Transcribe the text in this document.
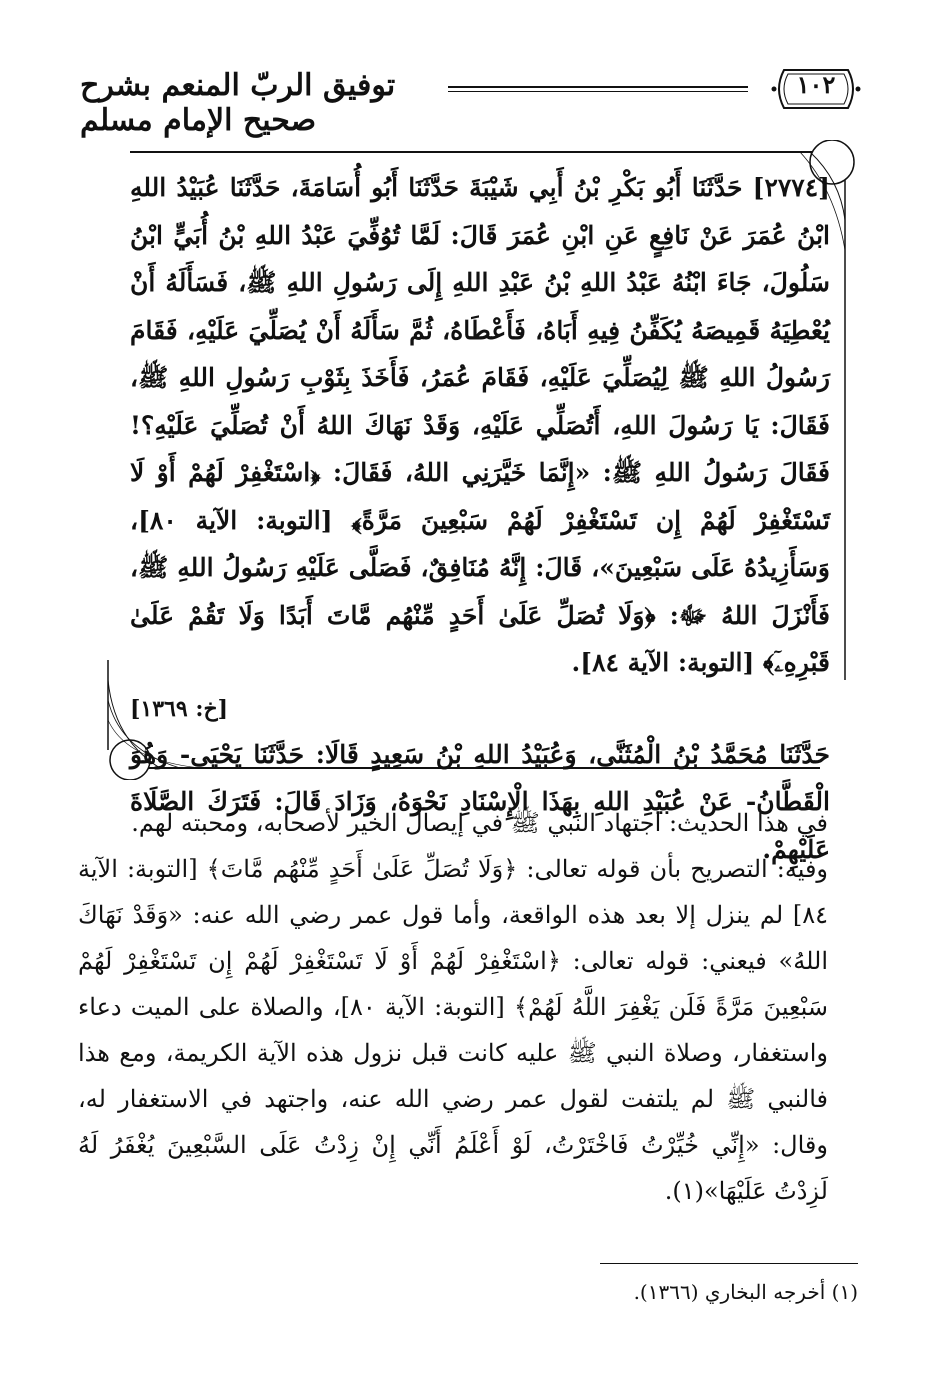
توفيق الربّ المنعم بشرح صحيح الإمام مسلم
١٠٢

[٢٧٧٤] حَدَّثَنَا أَبُو بَكْرِ بْنُ أَبِي شَيْبَةَ حَدَّثَنَا أَبُو أُسَامَةَ، حَدَّثَنَا عُبَيْدُ اللهِ ابْنُ عُمَرَ عَنْ نَافِعٍ عَنِ ابْنِ عُمَرَ قَالَ: لَمَّا تُوُفِّيَ عَبْدُ اللهِ بْنُ أُبَيٍّ ابْنُ سَلُولَ، جَاءَ ابْنُهُ عَبْدُ اللهِ بْنُ عَبْدِ اللهِ إِلَى رَسُولِ اللهِ ﷺ، فَسَأَلَهُ أَنْ يُعْطِيَهُ قَمِيصَهُ يُكَفِّنُ فِيهِ أَبَاهُ، فَأَعْطَاهُ، ثُمَّ سَأَلَهُ أَنْ يُصَلِّيَ عَلَيْهِ، فَقَامَ رَسُولُ اللهِ ﷺ لِيُصَلِّيَ عَلَيْهِ، فَقَامَ عُمَرُ، فَأَخَذَ بِثَوْبِ رَسُولِ اللهِ ﷺ، فَقَالَ: يَا رَسُولَ اللهِ، أَتُصَلِّي عَلَيْهِ، وَقَدْ نَهَاكَ اللهُ أَنْ تُصَلِّيَ عَلَيْهِ؟! فَقَالَ رَسُولُ اللهِ ﷺ: «إِنَّمَا خَيَّرَنِي اللهُ، فَقَالَ: ﴿اسْتَغْفِرْ لَهُمْ أَوْ لَا تَسْتَغْفِرْ لَهُمْ إِن تَسْتَغْفِرْ لَهُمْ سَبْعِينَ مَرَّةً﴾ [التوبة: الآية ٨٠]، وَسَأَزِيدُهُ عَلَى سَبْعِينَ»، قَالَ: إِنَّهُ مُنَافِقٌ، فَصَلَّى عَلَيْهِ رَسُولُ اللهِ ﷺ، فَأَنْزَلَ اللهُ ﷻ: ﴿وَلَا تُصَلِّ عَلَىٰ أَحَدٍ مِّنْهُم مَّاتَ أَبَدًا وَلَا تَقُمْ عَلَىٰ قَبْرِهِۦٓ﴾ [التوبة: الآية ٨٤].

[خ: ١٣٦٩]

حَدَّثَنَا مُحَمَّدُ بْنُ الْمُثَنَّى، وَعُبَيْدُ اللهِ بْنُ سَعِيدٍ قَالَا: حَدَّثَنَا يَحْيَى- وَهُوَ الْقَطَّانُ- عَنْ عُبَيْدِ اللهِ بِهَذَا الْإِسْنَادِ نَحْوَهُ، وَزَادَ قَالَ: فَتَرَكَ الصَّلَاةَ عَلَيْهِمْ.

في هذا الحديث: اجتهاد النبي ﷺ في إيصال الخير لأصحابه، ومحبته لهم.

وفيه: التصريح بأن قوله تعالى: ﴿وَلَا تُصَلِّ عَلَىٰ أَحَدٍ مِّنْهُم مَّاتَ﴾ [التوبة: الآية ٨٤] لم ينزل إلا بعد هذه الواقعة، وأما قول عمر رضي الله عنه: «وَقَدْ نَهَاكَ اللهُ» فيعني: قوله تعالى: ﴿اسْتَغْفِرْ لَهُمْ أَوْ لَا تَسْتَغْفِرْ لَهُمْ إِن تَسْتَغْفِرْ لَهُمْ سَبْعِينَ مَرَّةً فَلَن يَغْفِرَ اللَّهُ لَهُمْ﴾ [التوبة: الآية ٨٠]، والصلاة على الميت دعاء واستغفار، وصلاة النبي ﷺ عليه كانت قبل نزول هذه الآية الكريمة، ومع هذا فالنبي ﷺ لم يلتفت لقول عمر رضي الله عنه، واجتهد في الاستغفار له، وقال: «إِنِّي خُيِّرْتُ فَاخْتَرْتُ، لَوْ أَعْلَمُ أَنِّي إِنْ زِدْتُ عَلَى السَّبْعِينَ يُغْفَرُ لَهُ لَزِدْتُ عَلَيْهَا»(١).

(١) أخرجه البخاري (١٣٦٦).
